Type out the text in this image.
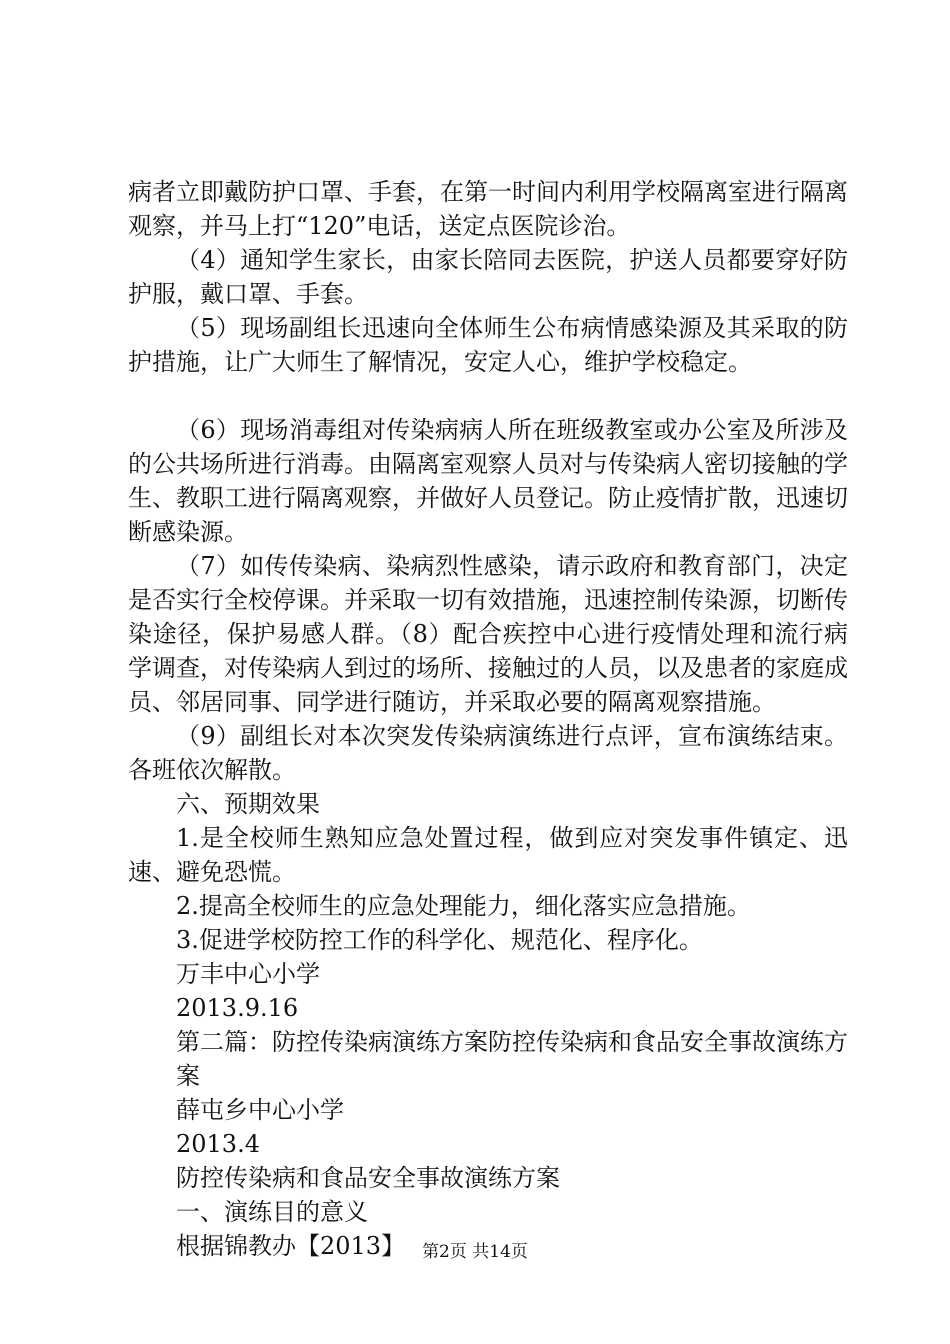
病者立即戴防护口罩、手套，在第一时间内利用学校隔离室进行隔离观察，并马上打“120”电话，送定点医院诊治。

（4）通知学生家长，由家长陪同去医院，护送人员都要穿好防护服，戴口罩、手套。

（5）现场副组长迅速向全体师生公布病情感染源及其采取的防护措施，让广大师生了解情况，安定人心，维护学校稳定。

（6）现场消毒组对传染病病人所在班级教室或办公室及所涉及的公共场所进行消毒。由隔离室观察人员对与传染病人密切接触的学生、教职工进行隔离观察，并做好人员登记。防止疫情扩散，迅速切断感染源。

（7）如传传染病、染病烈性感染，请示政府和教育部门，决定是否实行全校停课。并采取一切有效措施，迅速控制传染源，切断传染途径，保护易感人群。（8）配合疾控中心进行疫情处理和流行病学调查，对传染病人到过的场所、接触过的人员，以及患者的家庭成员、邻居同事、同学进行随访，并采取必要的隔离观察措施。

（9）副组长对本次突发传染病演练进行点评，宣布演练结束。各班依次解散。

六、预期效果

1.是全校师生熟知应急处置过程，做到应对突发事件镇定、迅速、避免恐慌。

2.提高全校师生的应急处理能力，细化落实应急措施。

3.促进学校防控工作的科学化、规范化、程序化。

万丰中心小学

2013.9.16

第二篇：防控传染病演练方案防控传染病和食品安全事故演练方案

薛屯乡中心小学

2013.4

防控传染病和食品安全事故演练方案

一、演练目的意义

根据锦教办【2013】 第2页 共14页
